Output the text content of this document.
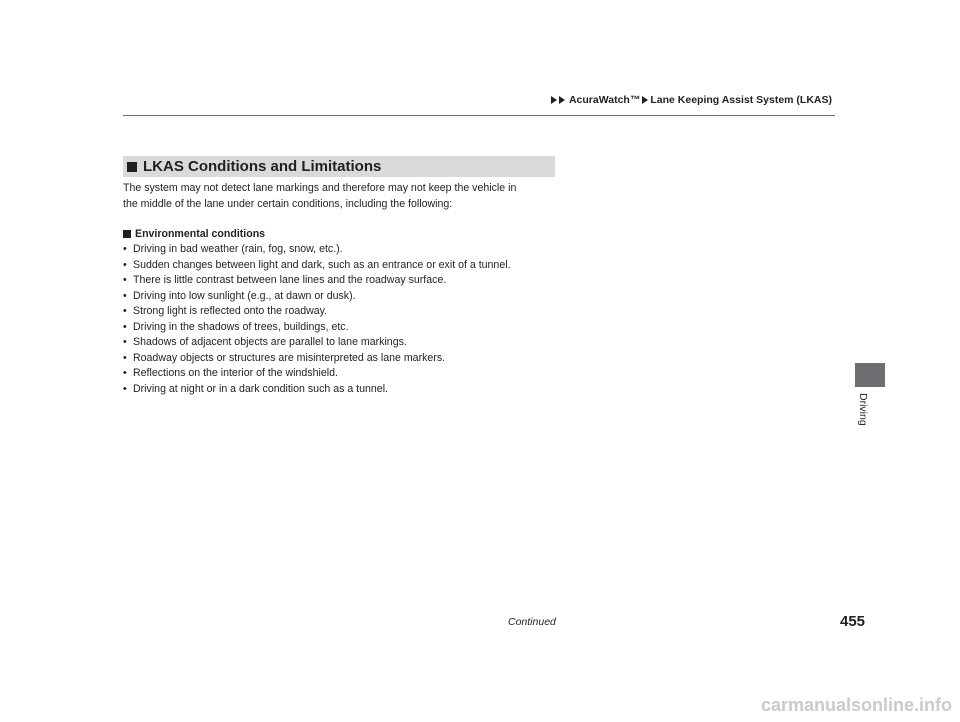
AcuraWatch™ Lane Keeping Assist System (LKAS)
LKAS Conditions and Limitations

The system may not detect lane markings and therefore may not keep the vehicle in
the middle of the lane under certain conditions, including the following:

Environmental conditions
• Driving in bad weather (rain, fog, snow, etc.).
• Sudden changes between light and dark, such as an entrance or exit of a tunnel.
• There is little contrast between lane lines and the roadway surface.
• Driving into low sunlight (e.g., at dawn or dusk).
• Strong light is reflected onto the roadway.
• Driving in the shadows of trees, buildings, etc.
• Shadows of adjacent objects are parallel to lane markings.
• Roadway objects or structures are misinterpreted as lane markers.
• Reflections on the interior of the windshield.
• Driving at night or in a dark condition such as a tunnel.
Driving
Continued	455
carmanualsonline.info
